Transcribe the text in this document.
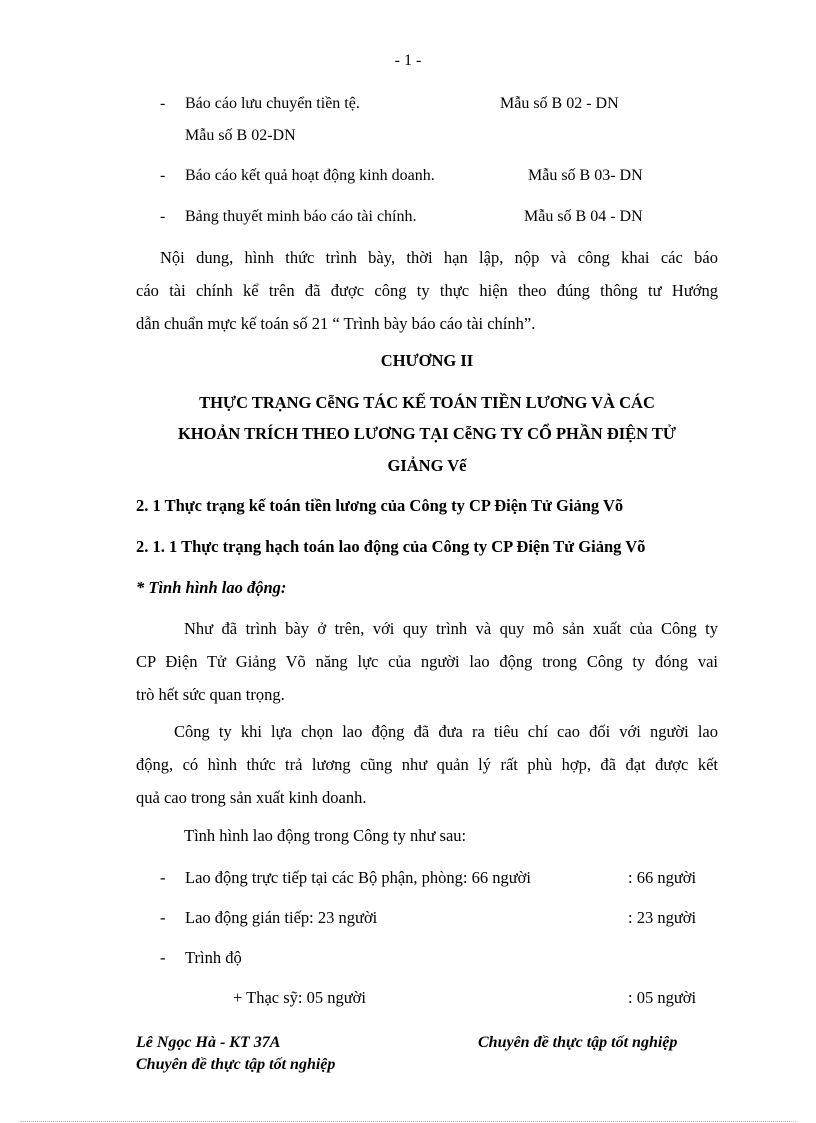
- 1 -
- Báo cáo lưu chuyển tiền tệ.	Mẫu số B 02 - DN
Mẫu số B 02-DN
- Báo cáo kết quả hoạt động kinh doanh.	Mẫu số B 03- DN
- Bảng thuyết minh báo cáo tài chính.	Mẫu số B 04 - DN
Nội dung, hình thức trình bày, thời hạn lập, nộp và công khai các báo
cáo tài chính kể trên đã được công ty thực hiện theo đúng thông tư Hướng
dẫn chuẩn mực kế toán số 21 “ Trình bày báo cáo tài chính”.
CHƯƠNG II
THỰC TRẠNG CễNG TÁC KẾ TOÁN TIỀN LƯƠNG VÀ CÁC
KHOẢN TRÍCH THEO LƯƠNG TẠI CễNG TY CỔ PHẦN ĐIỆN TỬ
GIẢNG Vế
2. 1 Thực trạng kế toán tiền lương của Công ty CP Điện Tử Giảng Võ
2. 1. 1 Thực trạng hạch toán lao động của Công ty CP Điện Tử Giảng Võ
* Tình hình lao động:
Như đã trình bày ở trên, với quy trình và quy mô sản xuất của Công ty
CP Điện Tử Giảng Võ năng lực của người lao động trong Công ty đóng vai
trò hết sức quan trọng.
Công ty khi lựa chọn lao động đã đưa ra tiêu chí cao đối với người lao
động, có hình thức trả lương cũng như quản lý rất phù hợp, đã đạt được kết
quả cao trong sản xuất kinh doanh.
Tình hình lao động trong Công ty như sau:
- Lao động trực tiếp tại các Bộ phận, phòng: 66 người	: 66 người
- Lao động gián tiếp: 23 người	: 23 người
- Trình độ
+ Thạc sỹ: 05 người	: 05 người
Lê Ngọc Hà - KT 37A	Chuyên đề thực tập tốt nghiệp
Chuyên đề thực tập tốt nghiệp
